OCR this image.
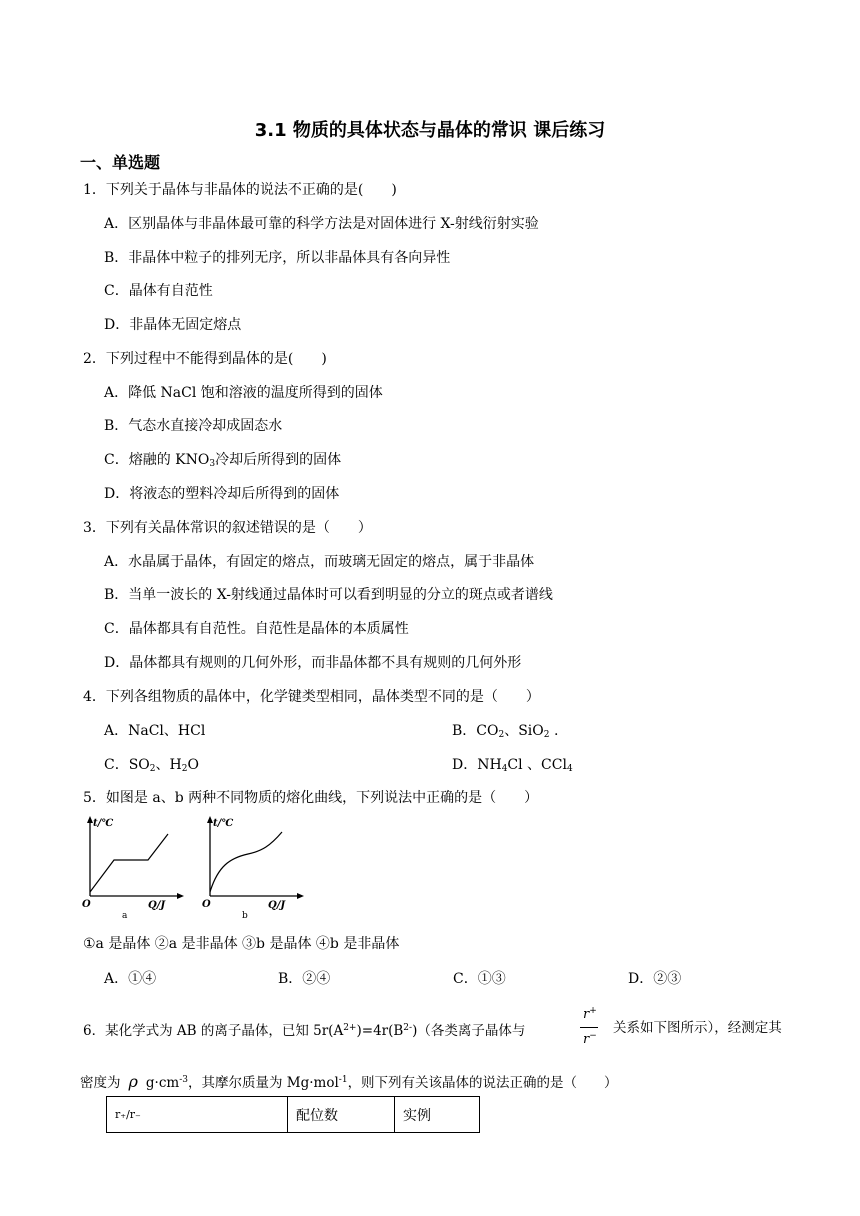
3.1 物质的具体状态与晶体的常识 课后练习
一、单选题
1．下列关于晶体与非晶体的说法不正确的是(　　)
A．区别晶体与非晶体最可靠的科学方法是对固体进行 X-射线衍射实验
B．非晶体中粒子的排列无序，所以非晶体具有各向异性
C．晶体有自范性
D．非晶体无固定熔点
2．下列过程中不能得到晶体的是(　　)
A．降低 NaCl 饱和溶液的温度所得到的固体
B．气态水直接冷却成固态水
C．熔融的 $KNO_3$冷却后所得到的固体
D．将液态的塑料冷却后所得到的固体
3．下列有关晶体常识的叙述错误的是（　　）
A．水晶属于晶体，有固定的熔点，而玻璃无固定的熔点，属于非晶体
B．当单一波长的 X-射线通过晶体时可以看到明显的分立的斑点或者谱线
C．晶体都具有自范性。自范性是晶体的本质属性
D．晶体都具有规则的几何外形，而非晶体都不具有规则的几何外形
4．下列各组物质的晶体中，化学键类型相同，晶体类型不同的是（　　）
A．NaCl、HCl	B．$CO_2$、SiO$_2$ .
C．$SO_2$、$H_2O$	D．$NH_4Cl$ 、CCl$_4$
5．如图是 a、b 两种不同物质的熔化曲线，下列说法中正确的是（　　）
t/℃
O	Q/J
a
t/℃
O	Q/J
b
①a 是晶体 ②a 是非晶体 ③b 是晶体 ④b 是非晶体
A．①④	B．②④	C．①③	D．②③
6．某化学式为 AB 的离子晶体，已知 $5r(A^{2+})=4r(B^{2-})$（各类离子晶体与
r+
r− 关系如下图所示），经测定其
密度为 ρ $g\cdot cm^{-3}$，其摩尔质量为 Mg·mol$^{-1}$，则下列有关该晶体的说法正确的是（　　）
r₊/r₋	配位数	实例
